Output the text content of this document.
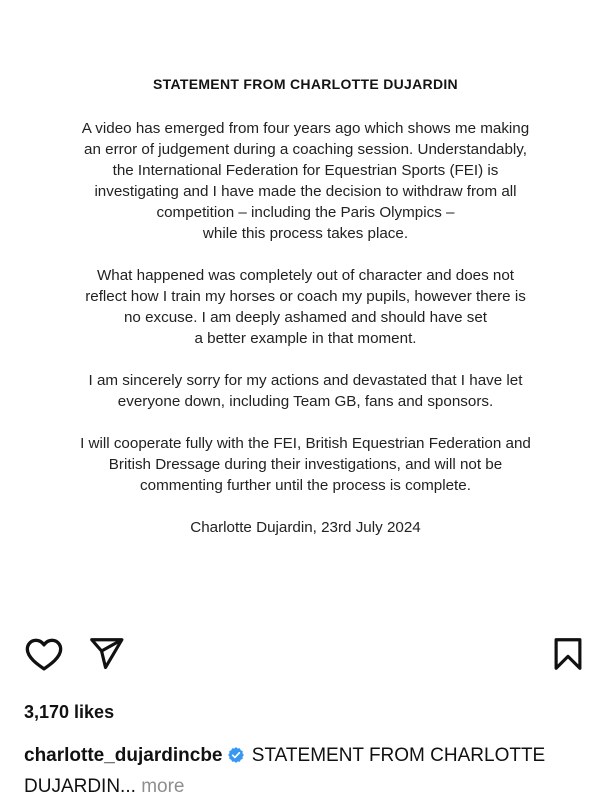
STATEMENT FROM CHARLOTTE DUJARDIN
A video has emerged from four years ago which shows me making
an error of judgement during a coaching session. Understandably,
the International Federation for Equestrian Sports (FEI) is
investigating and I have made the decision to withdraw from all
competition – including the Paris Olympics –
while this process takes place.
What happened was completely out of character and does not
reflect how I train my horses or coach my pupils, however there is
no excuse. I am deeply ashamed and should have set
a better example in that moment.
I am sincerely sorry for my actions and devastated that I have let
everyone down, including Team GB, fans and sponsors.
I will cooperate fully with the FEI, British Equestrian Federation and
British Dressage during their investigations, and will not be
commenting further until the process is complete.
Charlotte Dujardin, 23rd July 2024
3,170 likes
charlotte_dujardincbe STATEMENT FROM CHARLOTTE
DUJARDIN... more
